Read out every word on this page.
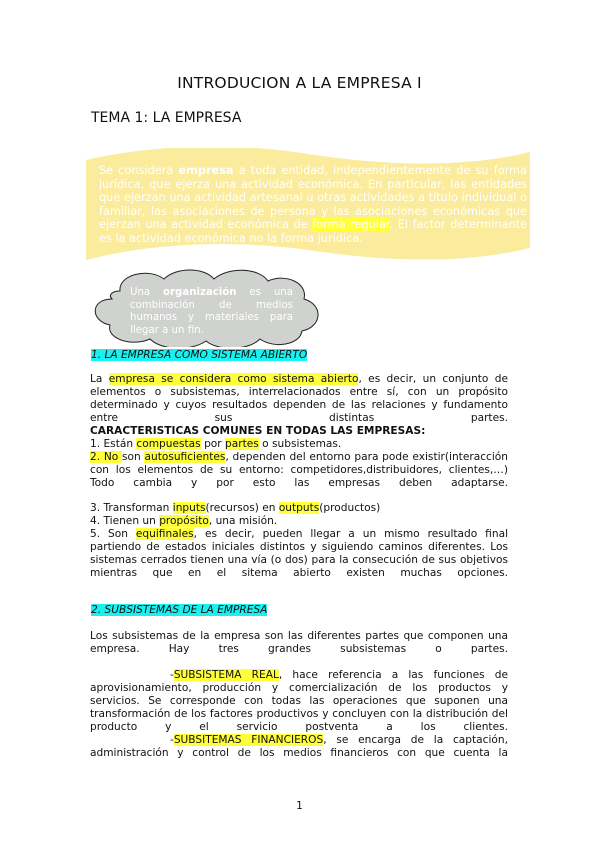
INTRODUCION A LA EMPRESA I
TEMA 1: LA EMPRESA
Se considera empresa a toda entidad, independientemente de su forma jurídica, que ejerza una actividad económica. En particular, las entidades que ejerzan una actividad artesanal u otras actividades a título individual o familiar, las asociaciones de persona y las asociaciones económicas que ejerzan una actividad económica de forma regular. El factor determinante es la actividad económica no la forma jurídica.
Una organización es una combinación de medios humanos y materiales para llegar a un fin.
1. LA EMPRESA COMO SISTEMA ABIERTO
La empresa se considera como sistema abierto, es decir, un conjunto de elementos o subsistemas, interrelacionados entre sí, con un propósito determinado y cuyos resultados dependen de las relaciones y fundamento entre sus distintas partes.
CARACTERISTICAS COMUNES EN TODAS LAS EMPRESAS:
1. Están compuestas por partes o subsistemas.
2. No son autosuficientes, dependen del entorno para pode existir(interacción con los elementos de su entorno: competidores,distribuidores, clientes,…) Todo cambia y por esto las empresas deben adaptarse.
3. Transforman inputs(recursos) en outputs(productos)
4. Tienen un propósito, una misión.
5. Son equifinales, es decir, pueden llegar a un mismo resultado final partiendo de estados iniciales distintos y siguiendo caminos diferentes. Los sistemas cerrados tienen una vía (o dos) para la consecución de sus objetivos mientras que en el sitema abierto existen muchas opciones.
2. SUBSISTEMAS DE LA EMPRESA
Los subsistemas de la empresa son las diferentes partes que componen una empresa. Hay tres grandes subsistemas o partes.
-SUBSISTEMA REAL, hace referencia a las funciones de aprovisionamiento, producción y comercialización de los productos y servicios. Se corresponde con todas las operaciones que suponen una transformación de los factores productivos y concluyen con la distribución del producto y el servicio postventa a los clientes.
-SUBSITEMAS FINANCIEROS, se encarga de la captación, administración y control de los medios financieros con que cuenta la
1
